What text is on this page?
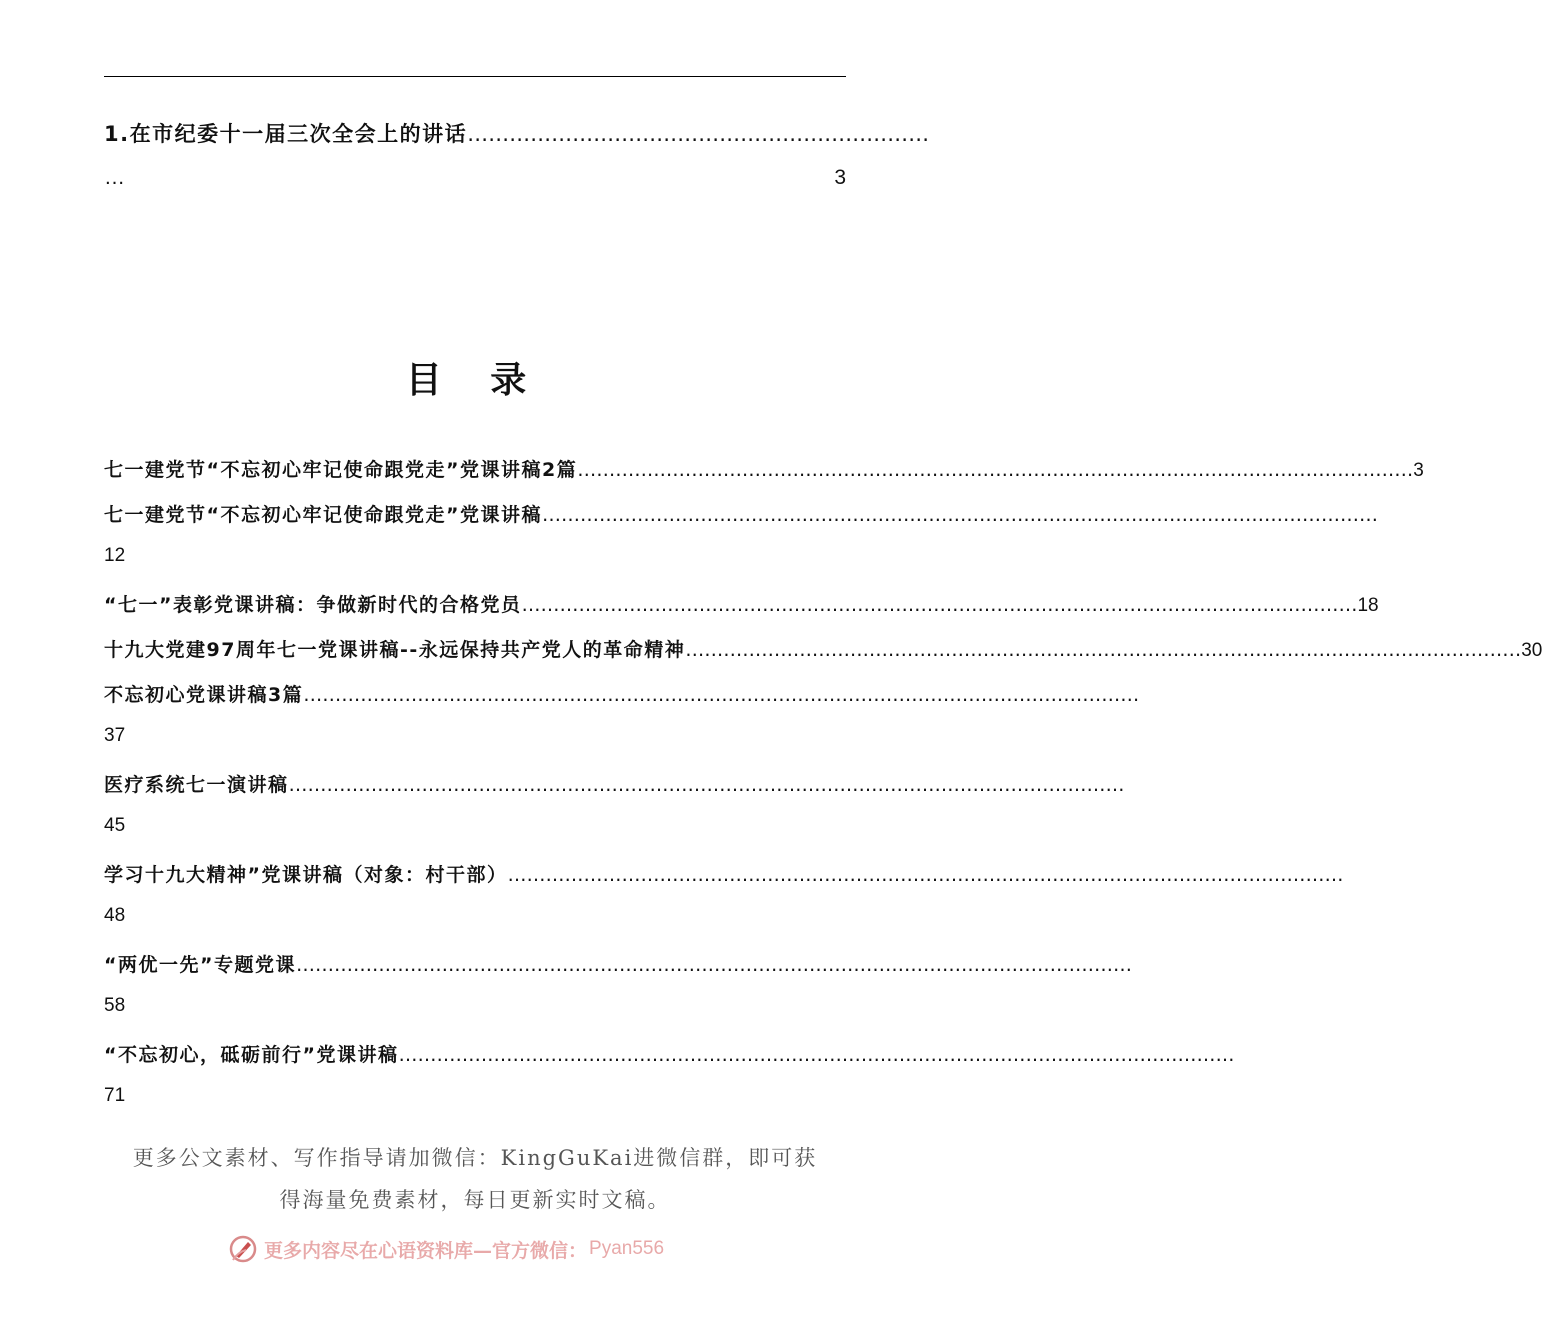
1.在市纪委十一届三次全会上的讲话 …………………………………………………………
…	3
目 录
七一建党节“不忘初心牢记使命跟党走”党课讲稿2篇 …………………………………………………………………………………………………………………… 3
七一建党节“不忘初心牢记使命跟党走”党课讲稿 ……………………………………………………………………………………………………………………
12
“七一”表彰党课讲稿：争做新时代的合格党员 …………………………………………………………………………………………………………………… 18
十九大党建97周年七一党课讲稿--永远保持共产党人的革命精神 …………………………………………………………………………………………………………………… 30
不忘初心党课讲稿3篇 ……………………………………………………………………………………………………………………
37
医疗系统七一演讲稿 ……………………………………………………………………………………………………………………
45
学习十九大精神”党课讲稿（对象：村干部） ……………………………………………………………………………………………………………………
48
“两优一先”专题党课 ……………………………………………………………………………………………………………………
58
“不忘初心，砥砺前行”党课讲稿 ……………………………………………………………………………………………………………………
71
更多公文素材、写作指导请加微信：KingGuKai进微信群，即可获
得海量免费素材，每日更新实时文稿。
更多内容尽在心语资料库—官方微信： Pyan556
